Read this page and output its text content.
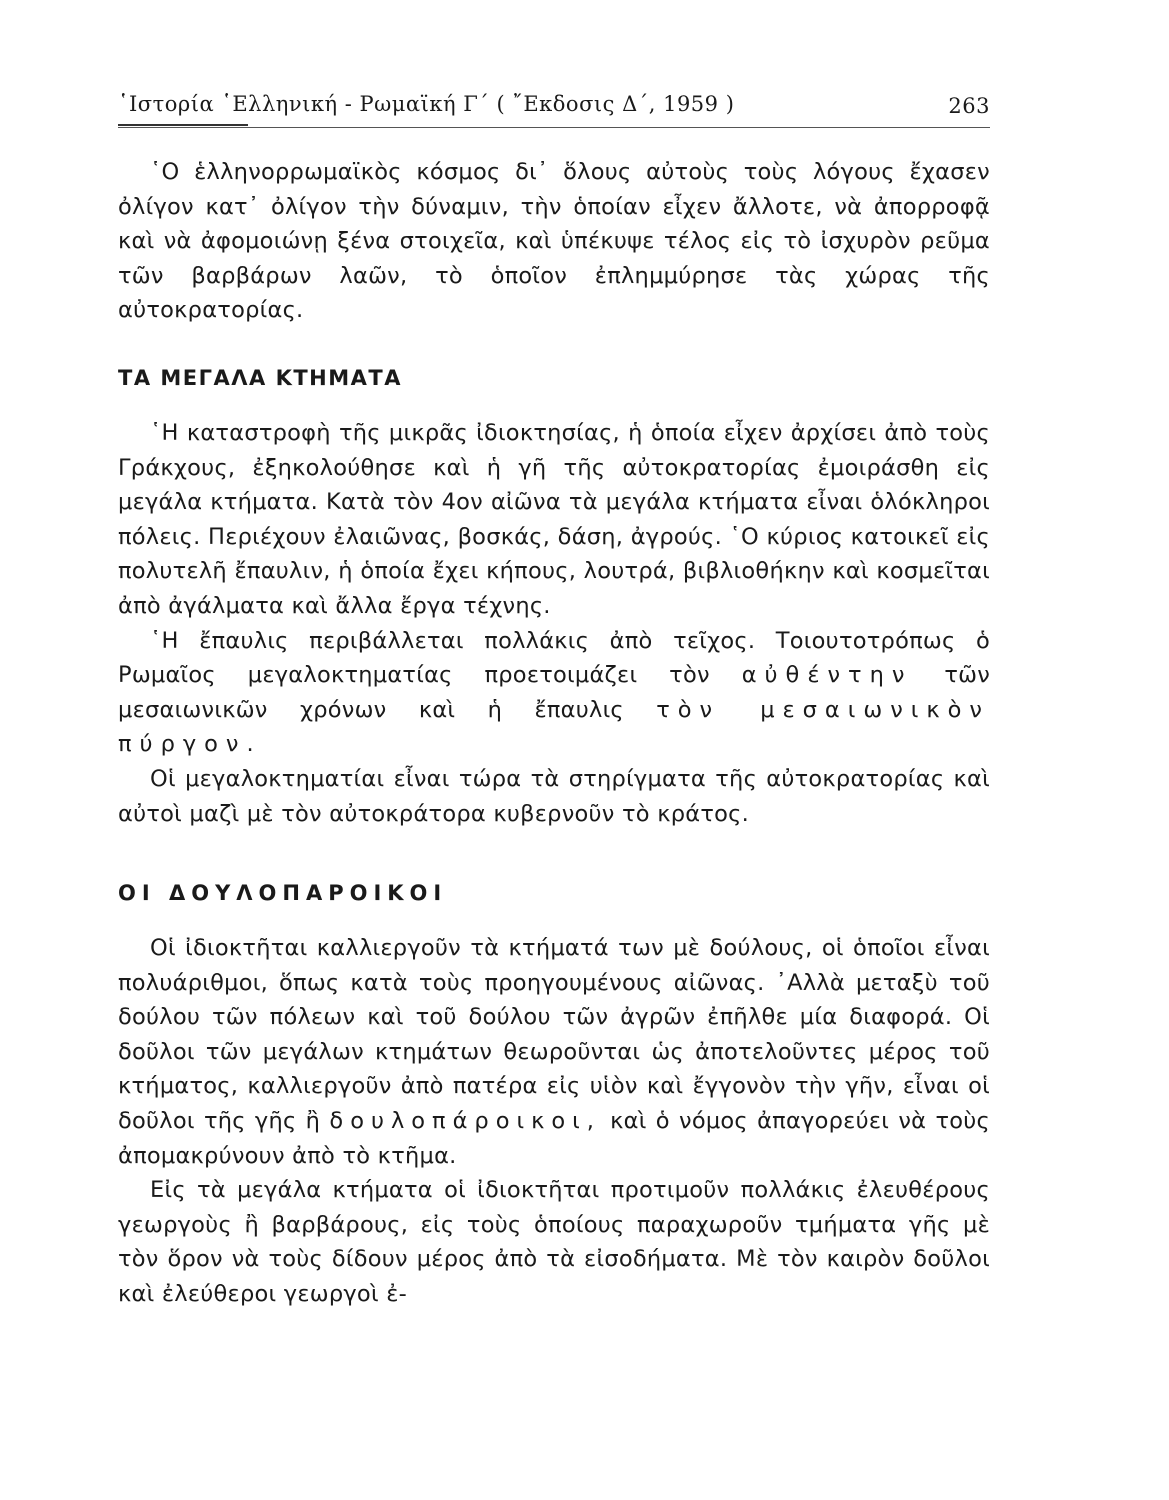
῾Ιστορία ῾Ελληνική - Ρωμαϊκή Γ΄ ( ῎Εκδοσις Δ΄, 1959 )	263

῾Ο ἑλληνορρωμαϊκὸς κόσμος δι᾽ ὅλους αὐτοὺς τοὺς λόγους ἔχασεν ὀλίγον κατ᾽ ὀλίγον τὴν δύναμιν, τὴν ὁποίαν εἶχεν ἄλλοτε, νὰ ἀπορροφᾷ καὶ νὰ ἀφομοιώνῃ ξένα στοιχεῖα, καὶ ὑπέκυψε τέλος εἰς τὸ ἰσχυρὸν ρεῦμα τῶν βαρβάρων λαῶν, τὸ ὁποῖον ἐπλημμύρησε τὰς χώρας τῆς αὐτοκρατορίας.

ΤΑ ΜΕΓΑΛΑ ΚΤΗΜΑΤΑ

῾Η καταστροφὴ τῆς μικρᾶς ἰδιοκτησίας, ἡ ὁποία εἶχεν ἀρχίσει ἀπὸ τοὺς Γράκχους, ἐξηκολούθησε καὶ ἡ γῆ τῆς αὐτοκρατορίας ἐμοιράσθη εἰς μεγάλα κτήματα. Κατὰ τὸν 4ον αἰῶνα τὰ μεγάλα κτήματα εἶναι ὁλόκληροι πόλεις. Περιέχουν ἐλαιῶνας, βοσκάς, δάση, ἀγρούς. ῾Ο κύριος κατοικεῖ εἰς πολυτελῆ ἔπαυλιν, ἡ ὁποία ἔχει κήπους, λουτρά, βιβλιοθήκην καὶ κοσμεῖται ἀπὸ ἀγάλματα καὶ ἄλλα ἔργα τέχνης.

῾Η ἔπαυλις περιβάλλεται πολλάκις ἀπὸ τεῖχος. Τοιουτοτρόπως ὁ Ρωμαῖος μεγαλοκτηματίας προετοιμάζει τὸν αὐθέντην τῶν μεσαιωνικῶν χρόνων καὶ ἡ ἔπαυλις τὸν μεσαιωνικὸν πύργον.

Οἱ μεγαλοκτηματίαι εἶναι τώρα τὰ στηρίγματα τῆς αὐτοκρατορίας καὶ αὐτοὶ μαζὶ μὲ τὸν αὐτοκράτορα κυβερνοῦν τὸ κράτος.

ΟΙ ΔΟΥΛΟΠΑΡΟΙΚΟΙ

Οἱ ἰδιοκτῆται καλλιεργοῦν τὰ κτήματά των μὲ δούλους, οἱ ὁποῖοι εἶναι πολυάριθμοι, ὅπως κατὰ τοὺς προηγουμένους αἰῶνας. ᾽Αλλὰ μεταξὺ τοῦ δούλου τῶν πόλεων καὶ τοῦ δούλου τῶν ἀγρῶν ἐπῆλθε μία διαφορά. Οἱ δοῦλοι τῶν μεγάλων κτημάτων θεωροῦνται ὡς ἀποτελοῦντες μέρος τοῦ κτήματος, καλλιεργοῦν ἀπὸ πατέρα εἰς υἱὸν καὶ ἔγγονὸν τὴν γῆν, εἶναι οἱ δοῦλοι τῆς γῆς ἢ δουλοπάροικοι, καὶ ὁ νόμος ἀπαγορεύει νὰ τοὺς ἀπομακρύνουν ἀπὸ τὸ κτῆμα.

Εἰς τὰ μεγάλα κτήματα οἱ ἰδιοκτῆται προτιμοῦν πολλάκις ἐλευθέρους γεωργοὺς ἢ βαρβάρους, εἰς τοὺς ὁποίους παραχωροῦν τμήματα γῆς μὲ τὸν ὅρον νὰ τοὺς δίδουν μέρος ἀπὸ τὰ εἰσοδήματα. Μὲ τὸν καιρὸν δοῦλοι καὶ ἐλεύθεροι γεωργοὶ ἐ-
